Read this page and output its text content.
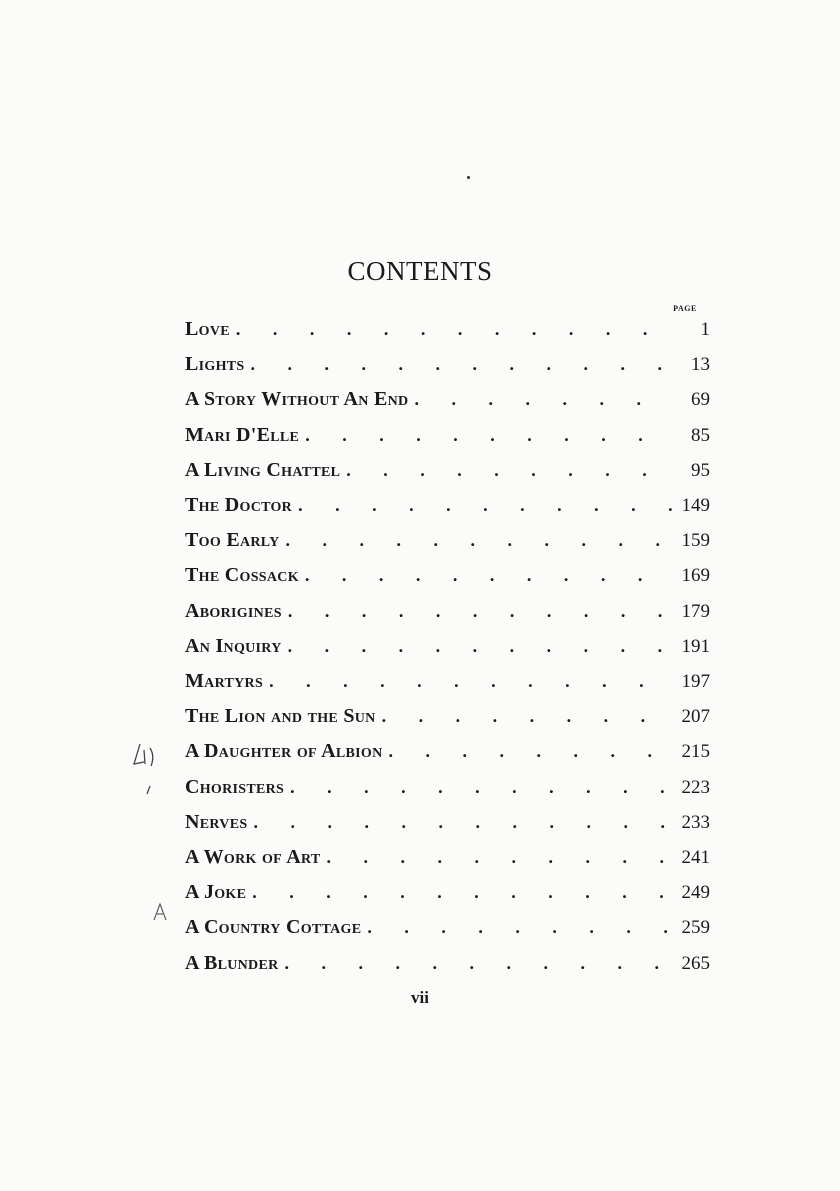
CONTENTS
PAGE
Love . . .	1
Lights . . .	13
A Story Without An End . . .	69
Mari D'Elle . . .	85
A Living Chattel . . .	95
The Doctor . . .	149
Too Early . . .	159
The Cossack . . .	169
Aborigines . . .	179
An Inquiry . . .	191
Martyrs . . .	197
The Lion and the Sun . . .	207
A Daughter of Albion . . .	215
Choristers . . .	223
Nerves . . .	233
A Work of Art . . .	241
A Joke . . .	249
A Country Cottage . . .	259
A Blunder . . .	265
vii
